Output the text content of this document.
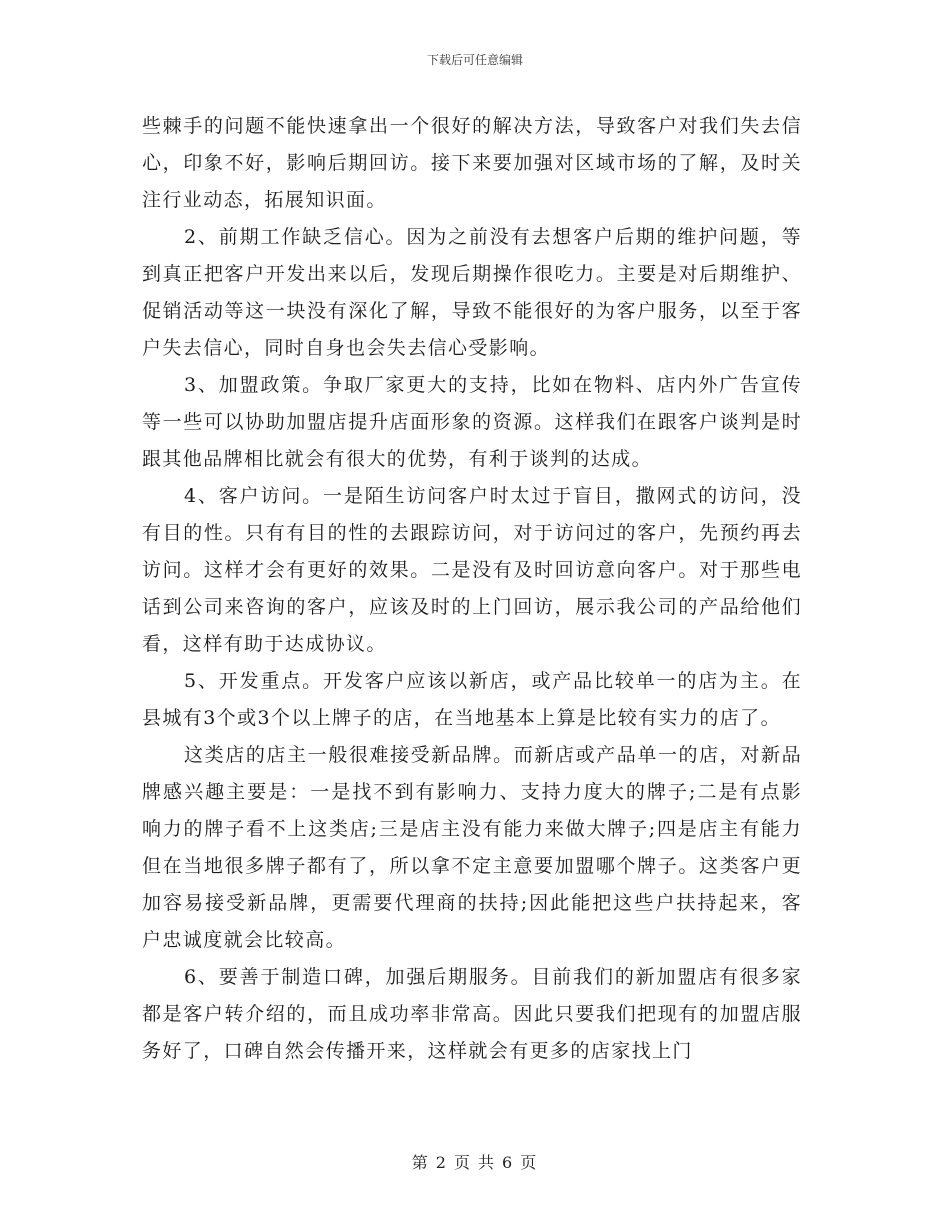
下载后可任意编辑

些棘手的问题不能快速拿出一个很好的解决方法，导致客户对我们失去信心，印象不好，影响后期回访。接下来要加强对区域市场的了解，及时关注行业动态，拓展知识面。

2、前期工作缺乏信心。因为之前没有去想客户后期的维护问题，等到真正把客户开发出来以后，发现后期操作很吃力。主要是对后期维护、促销活动等这一块没有深化了解，导致不能很好的为客户服务，以至于客户失去信心，同时自身也会失去信心受影响。

3、加盟政策。争取厂家更大的支持，比如在物料、店内外广告宣传等一些可以协助加盟店提升店面形象的资源。这样我们在跟客户谈判是时跟其他品牌相比就会有很大的优势，有利于谈判的达成。

4、客户访问。一是陌生访问客户时太过于盲目，撒网式的访问，没有目的性。只有有目的性的去跟踪访问，对于访问过的客户，先预约再去访问。这样才会有更好的效果。二是没有及时回访意向客户。对于那些电话到公司来咨询的客户，应该及时的上门回访，展示我公司的产品给他们看，这样有助于达成协议。

5、开发重点。开发客户应该以新店，或产品比较单一的店为主。在县城有3个或3个以上牌子的店，在当地基本上算是比较有实力的店了。

这类店的店主一般很难接受新品牌。而新店或产品单一的店，对新品牌感兴趣主要是：一是找不到有影响力、支持力度大的牌子;二是有点影响力的牌子看不上这类店;三是店主没有能力来做大牌子;四是店主有能力但在当地很多牌子都有了，所以拿不定主意要加盟哪个牌子。这类客户更加容易接受新品牌，更需要代理商的扶持;因此能把这些户扶持起来，客户忠诚度就会比较高。

6、要善于制造口碑，加强后期服务。目前我们的新加盟店有很多家都是客户转介绍的，而且成功率非常高。因此只要我们把现有的加盟店服务好了，口碑自然会传播开来，这样就会有更多的店家找上门

第 2 页 共 6 页
